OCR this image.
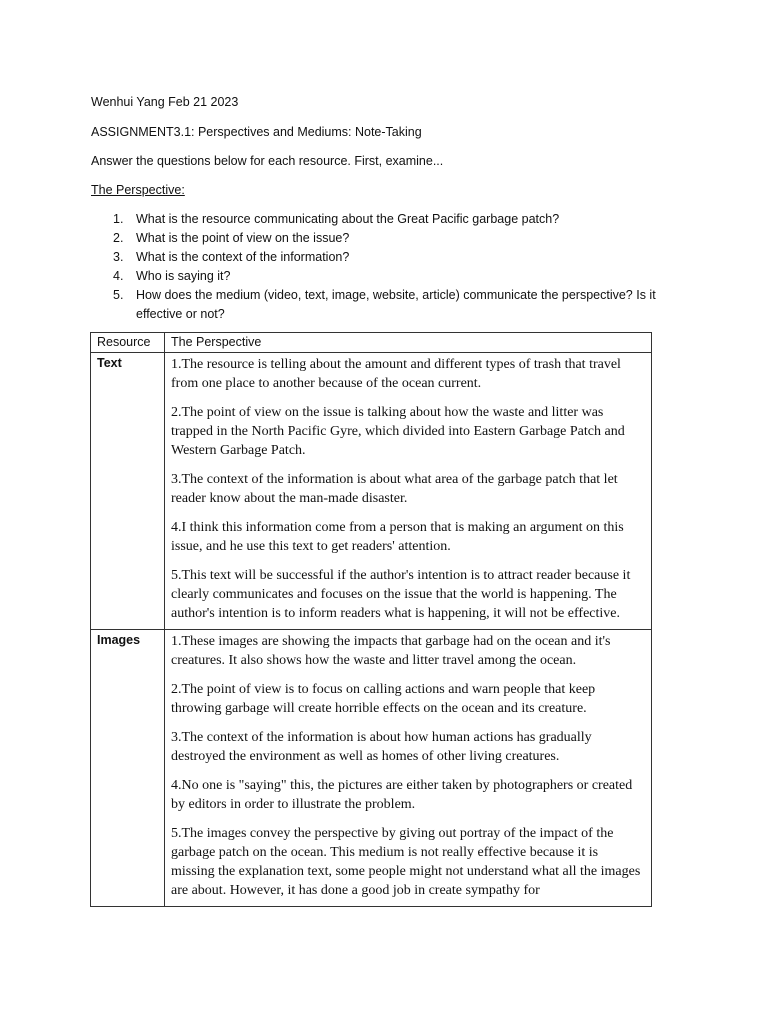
Wenhui Yang Feb 21 2023

ASSIGNMENT3.1: Perspectives and Mediums: Note-Taking

Answer the questions below for each resource. First, examine...

The Perspective:

1. What is the resource communicating about the Great Pacific garbage patch?
2. What is the point of view on the issue?
3. What is the context of the information?
4. Who is saying it?
5. How does the medium (video, text, image, website, article) communicate the perspective? Is it effective or not?
Resource	The Perspective
Text	1.The resource is telling about the amount and different types of trash that travel from one place to another because of the ocean current.

2.The point of view on the issue is talking about how the waste and litter was trapped in the North Pacific Gyre, which divided into Eastern Garbage Patch and Western Garbage Patch.

3.The context of the information is about what area of the garbage patch that let reader know about the man-made disaster.

4.I think this information come from a person that is making an argument on this issue, and he use this text to get readers' attention.

5.This text will be successful if the author's intention is to attract reader because it clearly communicates and focuses on the issue that the world is happening. The author's intention is to inform readers what is happening, it will not be effective.

Images	1.These images are showing the impacts that garbage had on the ocean and it's creatures. It also shows how the waste and litter travel among the ocean.

2.The point of view is to focus on calling actions and warn people that keep throwing garbage will create horrible effects on the ocean and its creature.

3.The context of the information is about how human actions has gradually destroyed the environment as well as homes of other living creatures.

4.No one is "saying" this, the pictures are either taken by photographers or created by editors in order to illustrate the problem.

5.The images convey the perspective by giving out portray of the impact of the garbage patch on the ocean. This medium is not really effective because it is missing the explanation text, some people might not understand what all the images are about. However, it has done a good job in create sympathy for
